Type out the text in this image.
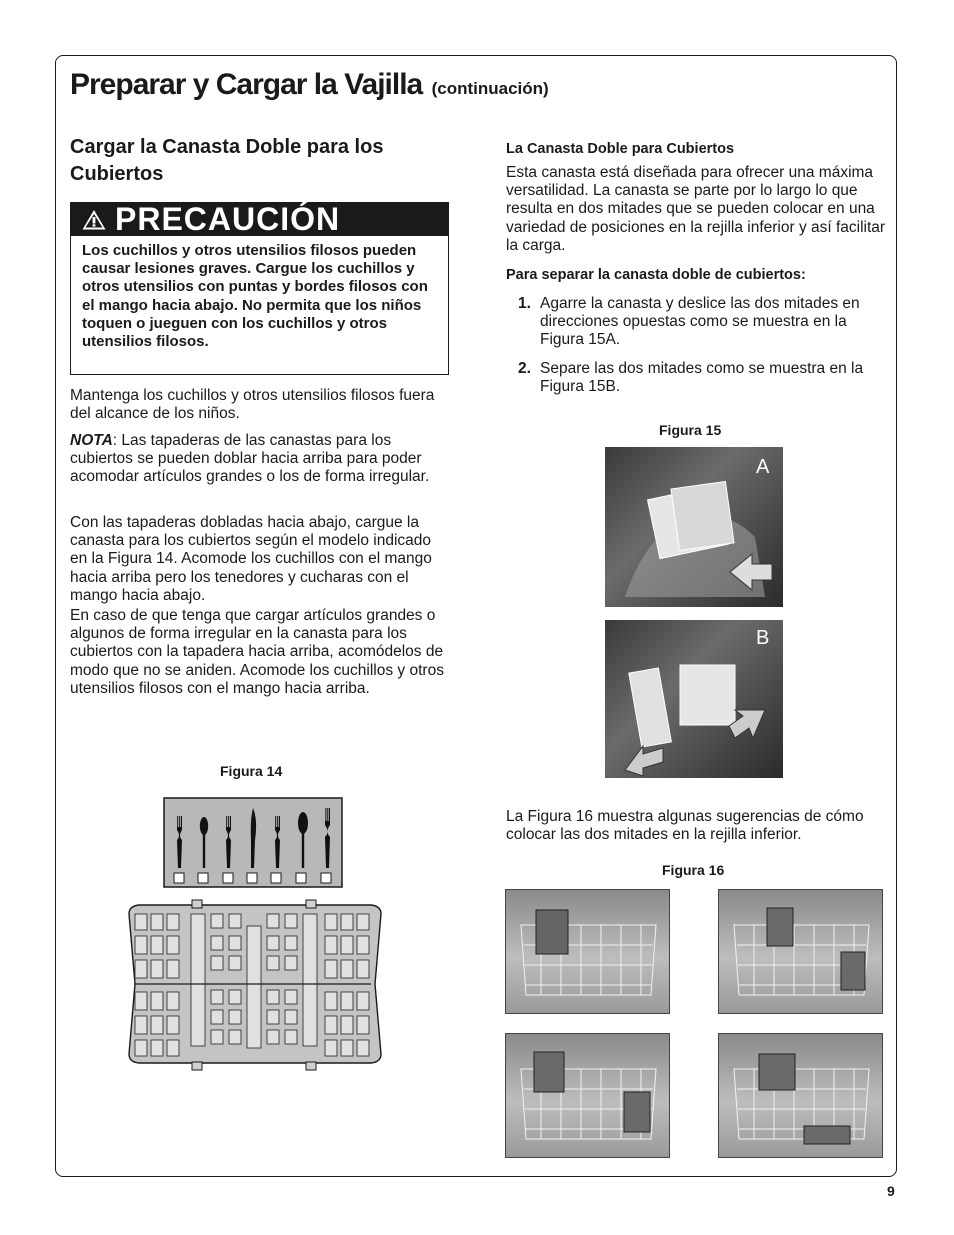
Preparar y Cargar la Vajilla (continuación)
Cargar la Canasta Doble para los Cubiertos
PRECAUCIÓN
Los cuchillos y otros utensilios filosos pueden causar lesiones graves. Cargue los cuchillos y otros utensilios con puntas y bordes filosos con el mango hacia abajo. No permita que los niños toquen o jueguen con los cuchillos y otros utensilios filosos.

Mantenga los cuchillos y otros utensilios filosos fuera del alcance de los niños.

NOTA: Las tapaderas de las canastas para los cubiertos se pueden doblar hacia arriba para poder acomodar artículos grandes o los de forma irregular.

Con las tapaderas dobladas hacia abajo, cargue la canasta para los cubiertos según el modelo indicado en la Figura 14. Acomode los cuchillos con el mango hacia arriba pero los tenedores y cucharas con el mango hacia abajo.

En caso de que tenga que cargar artículos grandes o algunos de forma irregular en la canasta para los cubiertos con la tapadera hacia arriba, acomódelos de modo que no se aniden. Acomode los cuchillos y otros utensilios filosos con el mango hacia arriba.

Figura 14

La Canasta Doble para Cubiertos

Esta canasta está diseñada para ofrecer una máxima versatilidad. La canasta se parte por lo largo lo que resulta en dos mitades que se pueden colocar en una variedad de posiciones en la rejilla inferior y así facilitar la carga.

Para separar la canasta doble de cubiertos:

1. Agarre la canasta y deslice las dos mitades en direcciones opuestas como se muestra en la Figura 15A.
2. Separe las dos mitades como se muestra en la Figura 15B.

Figura 15

A
B

La Figura 16 muestra algunas sugerencias de cómo colocar las dos mitades en la rejilla inferior.

Figura 16

9
